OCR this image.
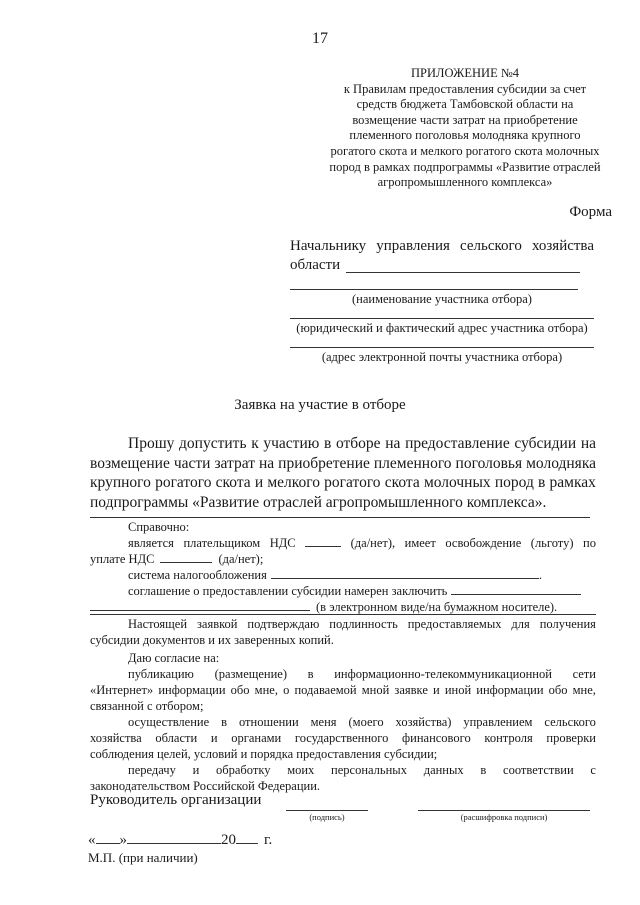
17
ПРИЛОЖЕНИЕ №4
к Правилам предоставления субсидии за счет
средств бюджета Тамбовской области на
возмещение части затрат на приобретение
племенного поголовья молодняка крупного
рогатого скота и мелкого рогатого скота молочных
пород в рамках подпрограммы «Развитие отраслей
агропромышленного комплекса»
Форма
Начальнику управления сельского хозяйства
области
(наименование участника отбора)
(юридический и фактический адрес участника отбора)
(адрес электронной почты участника отбора)
Заявка на участие в отборе
Прошу допустить к участию в отборе на предоставление субсидии на
возмещение части затрат на приобретение племенного поголовья молодняка
крупного рогатого скота и мелкого рогатого скота молочных пород в рамках
подпрограммы «Развитие отраслей агропромышленного комплекса».
Справочно:
является плательщиком НДС	(да/нет), имеет освобождение (льготу) по
уплате НДС	(да/нет);
система налогообложения	.
соглашение о предоставлении субсидии намерен заключить
(в электронном виде/на бумажном носителе).
Настоящей заявкой подтверждаю подлинность предоставляемых для получения
субсидии документов и их заверенных копий.
Даю согласие на:
публикацию (размещение) в информационно-телекоммуникационной сети
«Интернет» информации обо мне, о подаваемой мной заявке и иной информации обо мне,
связанной с отбором;
осуществление в отношении меня (моего хозяйства) управлением сельского
хозяйства области и органами государственного финансового контроля проверки
соблюдения целей, условий и порядка предоставления субсидии;
передачу и обработку моих персональных данных в соответствии с
законодательством Российской Федерации.
Руководитель организации
(подпись)	(расшифровка подписи)
« »	20 г.
М.П. (при наличии)
